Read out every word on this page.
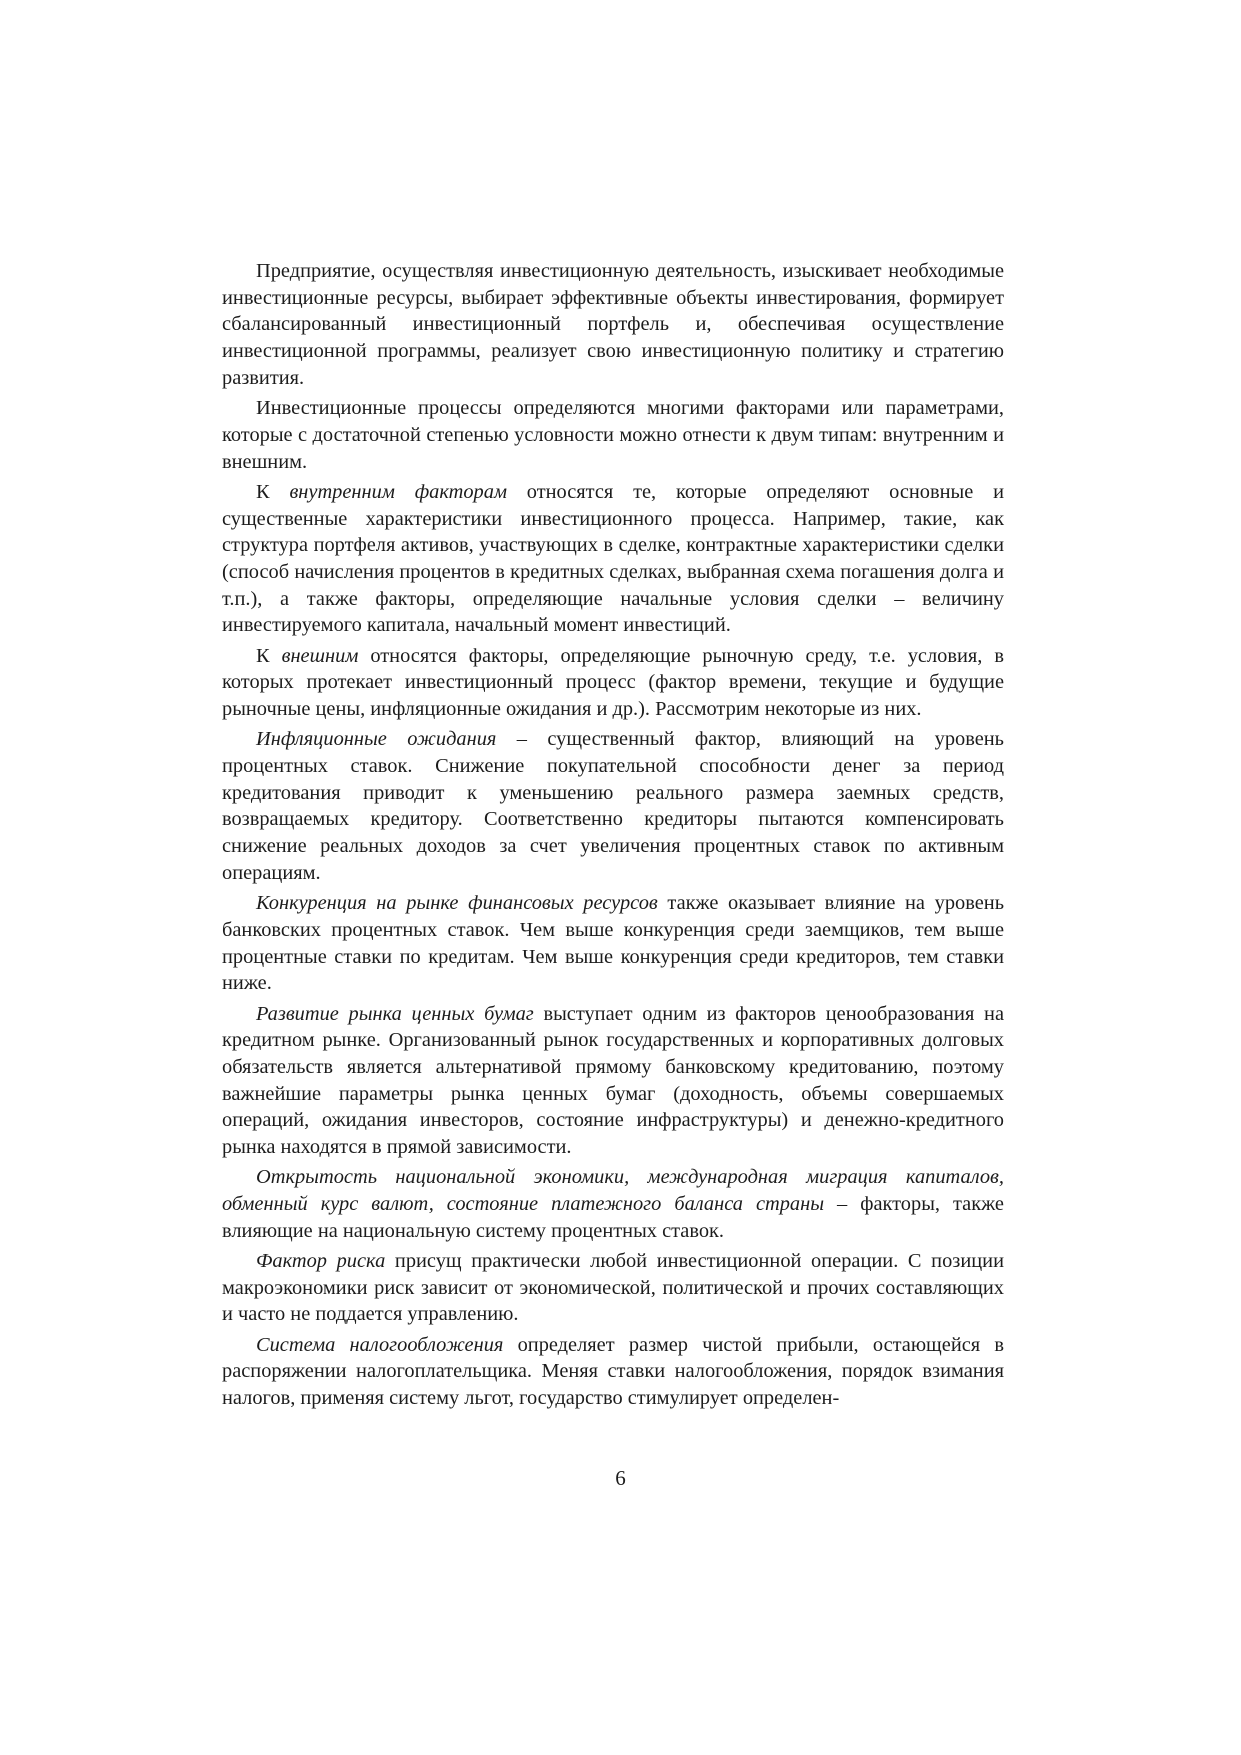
Предприятие, осуществляя инвестиционную деятельность, изыскивает необходимые инвестиционные ресурсы, выбирает эффективные объекты инвестирования, формирует сбалансированный инвестиционный портфель и, обеспечивая осуществление инвестиционной программы, реализует свою инвестиционную политику и стратегию развития.

Инвестиционные процессы определяются многими факторами или параметрами, которые с достаточной степенью условности можно отнести к двум типам: внутренним и внешним.

К внутренним факторам относятся те, которые определяют основные и существенные характеристики инвестиционного процесса. Например, такие, как структура портфеля активов, участвующих в сделке, контрактные характеристики сделки (способ начисления процентов в кредитных сделках, выбранная схема погашения долга и т.п.), а также факторы, определяющие начальные условия сделки – величину инвестируемого капитала, начальный момент инвестиций.

К внешним относятся факторы, определяющие рыночную среду, т.е. условия, в которых протекает инвестиционный процесс (фактор времени, текущие и будущие рыночные цены, инфляционные ожидания и др.). Рассмотрим некоторые из них.

Инфляционные ожидания – существенный фактор, влияющий на уровень процентных ставок. Снижение покупательной способности денег за период кредитования приводит к уменьшению реального размера заемных средств, возвращаемых кредитору. Соответственно кредиторы пытаются компенсировать снижение реальных доходов за счет увеличения процентных ставок по активным операциям.

Конкуренция на рынке финансовых ресурсов также оказывает влияние на уровень банковских процентных ставок. Чем выше конкуренция среди заемщиков, тем выше процентные ставки по кредитам. Чем выше конкуренция среди кредиторов, тем ставки ниже.

Развитие рынка ценных бумаг выступает одним из факторов ценообразования на кредитном рынке. Организованный рынок государственных и корпоративных долговых обязательств является альтернативой прямому банковскому кредитованию, поэтому важнейшие параметры рынка ценных бумаг (доходность, объемы совершаемых операций, ожидания инвесторов, состояние инфраструктуры) и денежно-кредитного рынка находятся в прямой зависимости.

Открытость национальной экономики, международная миграция капиталов, обменный курс валют, состояние платежного баланса страны – факторы, также влияющие на национальную систему процентных ставок.

Фактор риска присущ практически любой инвестиционной операции. С позиции макроэкономики риск зависит от экономической, политической и прочих составляющих и часто не поддается управлению.

Система налогообложения определяет размер чистой прибыли, остающейся в распоряжении налогоплательщика. Меняя ставки налогообложения, порядок взимания налогов, применяя систему льгот, государство стимулирует определен-

6
